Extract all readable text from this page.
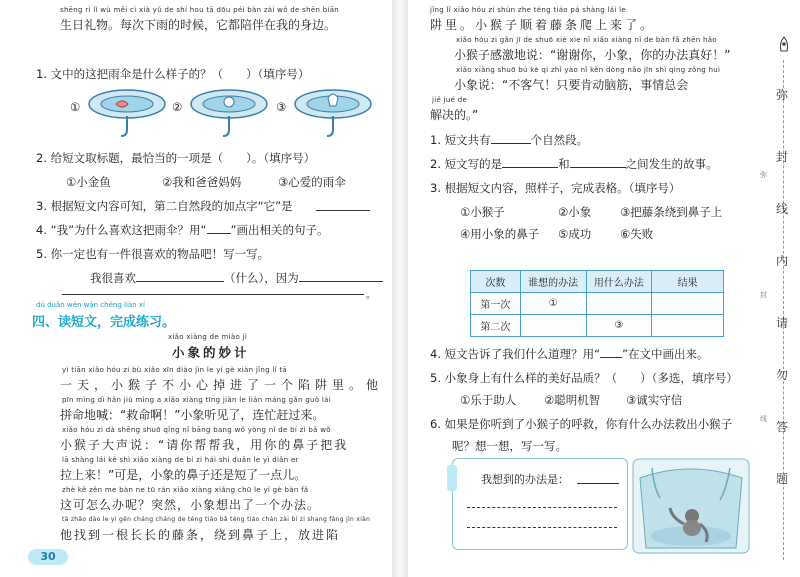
shēng rì lǐ wù měi cì xià yǔ de shí hou tā dōu péi bàn zài wǒ de shēn biān
生日礼物。每次下雨的时候，它都陪伴在我的身边。
1. 文中的这把雨伞是什么样子的？（　　）（填序号）
①	②	③
2. 给短文取标题，最恰当的一项是（　　）。（填序号）
①小金鱼	②我和爸爸妈妈	③心爱的雨伞
3. 根据短文内容可知，第二自然段的加点字“它”是
4. “我”为什么喜欢这把雨伞？用“ ”画出相关的句子。
5. 你一定也有一件很喜欢的物品吧！写一写。
我很喜欢	（什么），因为
。
dú duǎn wén wán chéng liàn xí
四、读短文，完成练习。
xiǎo xiàng de miào jì
小象的妙计
yì tiān xiǎo hóu zi bù xiǎo xīn diào jìn le yí gè xiàn jǐng lǐ tā
一天，小猴子不小心掉进了一个陷阱里。他
pīn mìng dì hǎn jiù mìng a xiǎo xiàng tīng jiàn le lián máng gǎn guò lái
拼命地喊：“救命啊！”小象听见了，连忙赶过来。
xiǎo hóu zi dà shēng shuō qǐng nǐ bāng bang wǒ yòng nǐ de bí zi bǎ wǒ
小猴子大声说：“请你帮帮我，用你的鼻子把我
lā shàng lái kě shì xiǎo xiàng de bí zi hái shi duǎn le yì diǎn er
拉上来！”可是，小象的鼻子还是短了一点儿。
zhè kě zěn me bàn ne tū rán xiǎo xiàng xiǎng chū le yí gè bàn fǎ
这可怎么办呢？突然，小象想出了一个办法。
tā zhǎo dào le yì gēn cháng cháng de téng tiáo bǎ téng tiáo chán zài bí zi shang fàng jìn xiàn
他找到一根长长的藤条，绕到鼻子上，放进陷
30
jǐng lǐ xiǎo hóu zi shùn zhe téng tiáo pá shàng lái le
阱里。小猴子顺着藤条爬上来了。
xiǎo hóu zi gǎn jī de shuō xiè xie nǐ xiǎo xiàng nǐ de bàn fǎ zhēn hǎo
小猴子感激地说：“谢谢你，小象，你的办法真好！”
xiǎo xiàng shuō bú kè qi zhǐ yào nǐ kěn dòng nǎo jīn shì qing zǒng huì
小象说：“不客气！只要肯动脑筋，事情总会
jiě jué de
解决的。”
1. 短文共有	个自然段。
2. 短文写的是	和	之间发生的故事。
3. 根据短文内容，照样子，完成表格。（填序号）
①小猴子	②小象 ③把藤条绕到鼻子上
④用小象的鼻子 ⑤成功 ⑥失败
次数	谁想的办法	用什么办法	结果
第一次	①		
第二次		③	
4. 短文告诉了我们什么道理？用“ ”在文中画出来。
5. 小象身上有什么样的美好品质？（　　）（多选，填序号）
①乐于助人 ②聪明机智 ③诚实守信
6. 如果是你听到了小猴子的呼救，你有什么办法救出小猴子
呢？想一想，写一写。
我想到的办法是：
弥
封
线
内
请
勿
答
题
弥
封
线
